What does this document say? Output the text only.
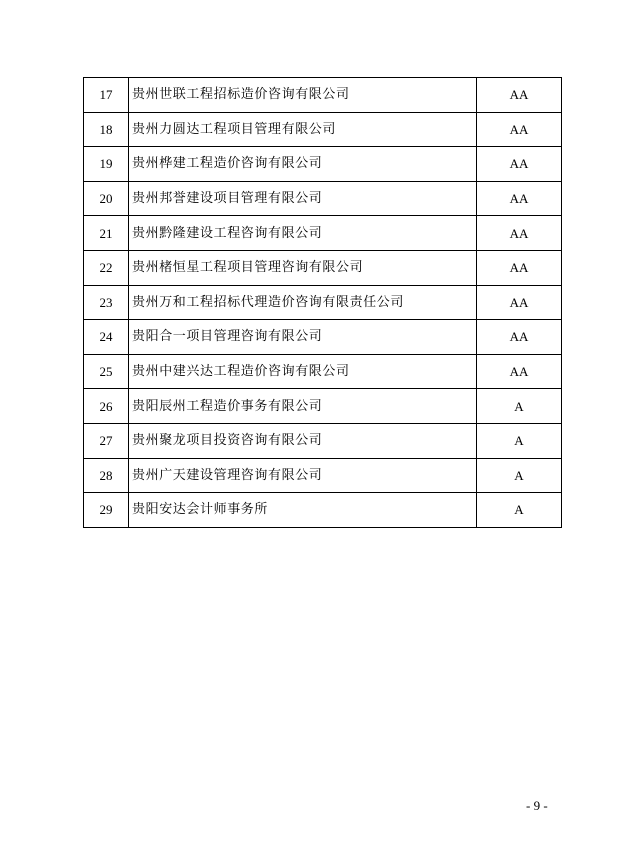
17	贵州世联工程招标造价咨询有限公司	AA
18	贵州力圆达工程项目管理有限公司	AA
19	贵州桦建工程造价咨询有限公司	AA
20	贵州邦誉建设项目管理有限公司	AA
21	贵州黔隆建设工程咨询有限公司	AA
22	贵州楮恒星工程项目管理咨询有限公司	AA
23	贵州万和工程招标代理造价咨询有限责任公司	AA
24	贵阳合一项目管理咨询有限公司	AA
25	贵州中建兴达工程造价咨询有限公司	AA
26	贵阳辰州工程造价事务有限公司	A
27	贵州聚龙项目投资咨询有限公司	A
28	贵州广天建设管理咨询有限公司	A
29	贵阳安达会计师事务所	A
- 9 -
